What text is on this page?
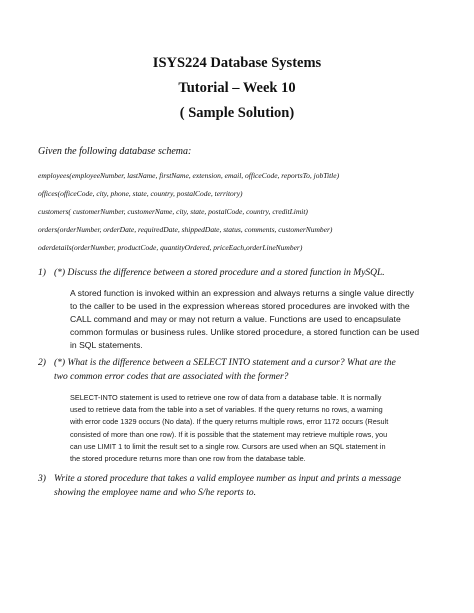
ISYS224 Database Systems
Tutorial – Week 10
( Sample Solution)
Given the following database schema:
employees(employeeNumber, lastName, firstName, extension, email, officeCode, reportsTo, jobTitle)
offices(officeCode, city, phone, state, country, postalCode, territory)
customers( customerNumber, customerName, city, state, postalCode, country, creditLimit)
orders(orderNumber, orderDate, requiredDate, shippedDate, status, comments, customerNumber)
oderdetails(orderNumber, productCode, quantityOrdered, priceEach,orderLineNumber)
1) (*) Discuss the difference between a stored procedure and a stored function in MySQL.
A stored function is invoked within an expression and always returns a single value directly
to the caller to be used in the expression whereas stored procedures are invoked with the
CALL command and may or may not return a value. Functions are used to encapsulate
common formulas or business rules. Unlike stored procedure, a stored function can be used
in SQL statements.
2) (*) What is the difference between a SELECT INTO statement and a cursor? What are the
two common error codes that are associated with the former?
SELECT-INTO statement is used to retrieve one row of data from a database table. It is normally
used to retrieve data from the table into a set of variables. If the query returns no rows, a warning
with error code 1329 occurs (No data). If the query returns multiple rows, error 1172 occurs (Result
consisted of more than one row). If it is possible that the statement may retrieve multiple rows, you
can use LIMIT 1 to limit the result set to a single row. Cursors are used when an SQL statement in
the stored procedure returns more than one row from the database table.
3) Write a stored procedure that takes a valid employee number as input and prints a message
showing the employee name and who S/he reports to.
